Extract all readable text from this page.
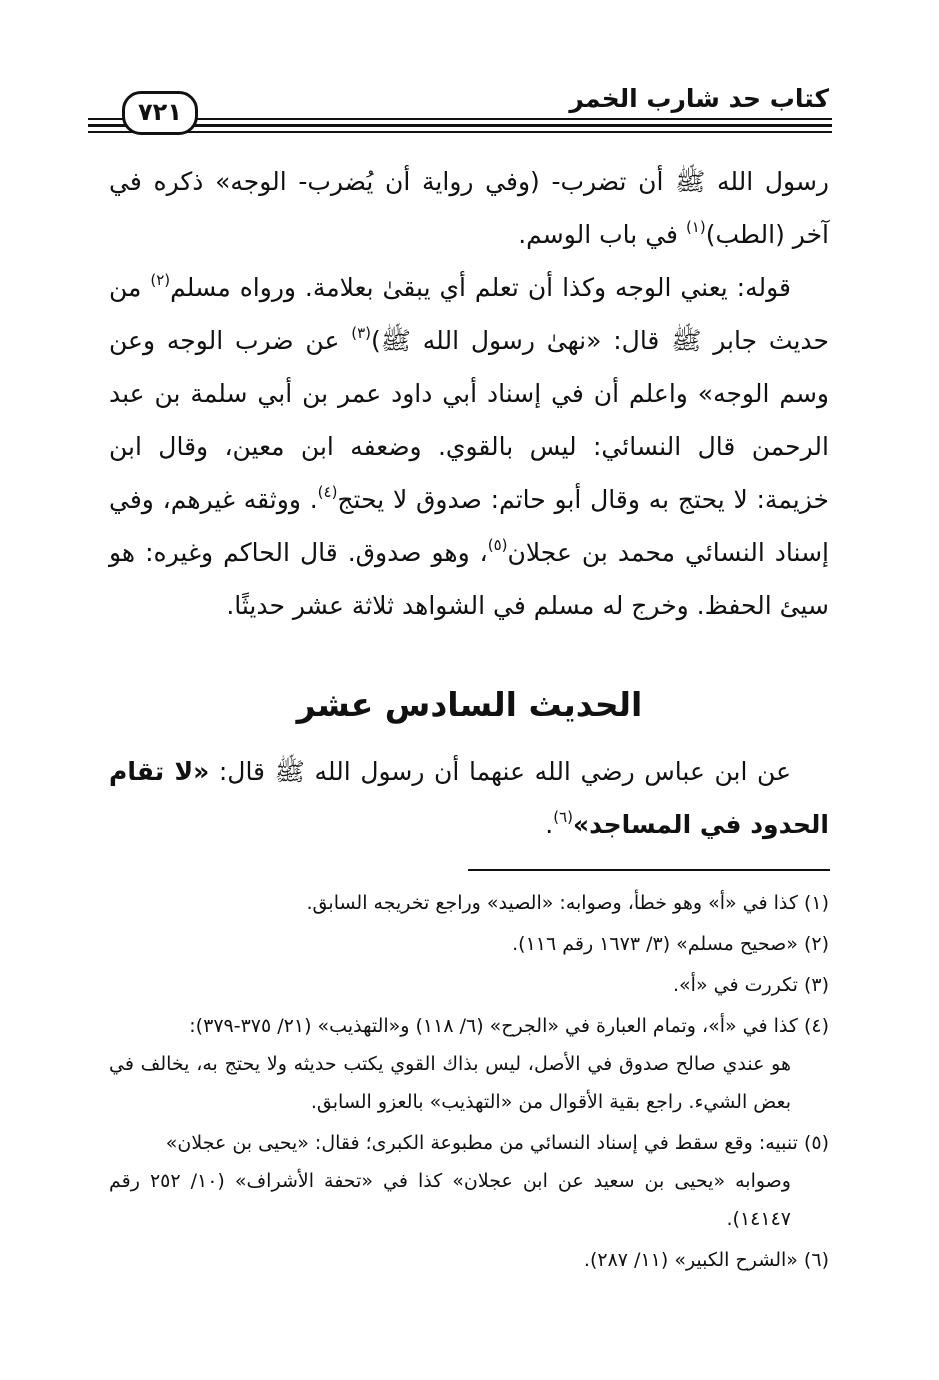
كتاب حد شارب الخمر
٧٢١

رسول الله ﷺ أن تضرب- (وفي رواية أن يُضرب- الوجه» ذكره في آخر (الطب)$^{(١)}$ في باب الوسم.

قوله: يعني الوجه وكذا أن تعلم أي يبقىٰ بعلامة. ورواه مسلم$^{(٢)}$ من حديث جابر ﷺ قال: «نهىٰ رسول الله ﷺ)$^{(٣)}$ عن ضرب الوجه وعن وسم الوجه» واعلم أن في إسناد أبي داود عمر بن أبي سلمة بن عبد الرحمن قال النسائي: ليس بالقوي. وضعفه ابن معين، وقال ابن خزيمة: لا يحتج به وقال أبو حاتم: صدوق لا يحتج$^{(٤)}$. ووثقه غيرهم، وفي إسناد النسائي محمد بن عجلان$^{(٥)}$، وهو صدوق. قال الحاكم وغيره: هو سيئ الحفظ. وخرج له مسلم في الشواهد ثلاثة عشر حديثًا.

الحديث السادس عشر

عن ابن عباس رضي الله عنهما أن رسول الله ﷺ قال: «لا تقام الحدود في المساجد»$^{(٦)}$.

(١) كذا في «أ» وهو خطأ، وصوابه: «الصيد» وراجع تخريجه السابق.

(٢) «صحيح مسلم» (٣/ ١٦٧٣ رقم ١١٦).

(٣) تكررت في «أ».

(٤) كذا في «أ»، وتمام العبارة في «الجرح» (٦/ ١١٨) و«التهذيب» (٢١/ ٣٧٥-٣٧٩):
هو عندي صالح صدوق في الأصل، ليس بذاك القوي يكتب حديثه ولا يحتج به، يخالف في بعض الشيء. راجع بقية الأقوال من «التهذيب» بالعزو السابق.

(٥) تنبيه: وقع سقط في إسناد النسائي من مطبوعة الكبرى؛ فقال: «يحيى بن عجلان»
وصوابه «يحيى بن سعيد عن ابن عجلان» كذا في «تحفة الأشراف» (١٠/ ٢٥٢ رقم ١٤١٤٧).

(٦) «الشرح الكبير» (١١/ ٢٨٧).
